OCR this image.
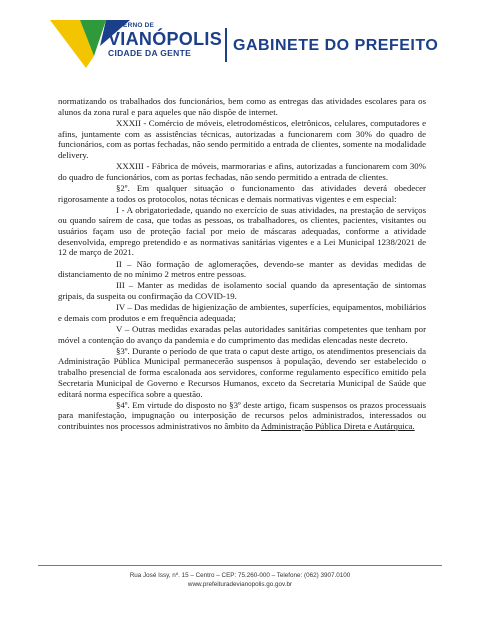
GOVERNO DE
VIANÓPOLIS
CIDADE DA GENTE	GABINETE DO PREFEITO

normatizando os trabalhados dos funcionários, bem como as entregas das atividades escolares para os alunos da zona rural e para aqueles que não dispõe de internet.

XXXII - Comércio de móveis, eletrodomésticos, eletrônicos, celulares, computadores e afins, juntamente com as assistências técnicas, autorizadas a funcionarem com 30% do quadro de funcionários, com as portas fechadas, não sendo permitido a entrada de clientes, somente na modalidade delivery.

XXXIII - Fábrica de móveis, marmorarias e afins, autorizadas a funcionarem com 30% do quadro de funcionários, com as portas fechadas, não sendo permitido a entrada de clientes.

§2º. Em qualquer situação o funcionamento das atividades deverá obedecer rigorosamente a todos os protocolos, notas técnicas e demais normativas vigentes e em especial:

I - A obrigatoriedade, quando no exercício de suas atividades, na prestação de serviços ou quando saírem de casa, que todas as pessoas, os trabalhadores, os clientes, pacientes, visitantes ou usuários façam uso de proteção facial por meio de máscaras adequadas, conforme a atividade desenvolvida, emprego pretendido e as normativas sanitárias vigentes e a Lei Municipal 1238/2021 de 12 de março de 2021.

II – Não formação de aglomerações, devendo-se manter as devidas medidas de distanciamento de no mínimo 2 metros entre pessoas.

III – Manter as medidas de isolamento social quando da apresentação de sintomas gripais, da suspeita ou confirmação da COVID-19.

IV – Das medidas de higienização de ambientes, superfícies, equipamentos, mobiliários e demais com produtos e em frequência adequada;

V – Outras medidas exaradas pelas autoridades sanitárias competentes que tenham por móvel a contenção do avanço da pandemia e do cumprimento das medidas elencadas neste decreto.

§3º. Durante o período de que trata o caput deste artigo, os atendimentos presenciais da Administração Pública Municipal permanecerão suspensos à população, devendo ser estabelecido o trabalho presencial de forma escalonada aos servidores, conforme regulamento específico emitido pela Secretaria Municipal de Governo e Recursos Humanos, exceto da Secretaria Municipal de Saúde que editará norma específica sobre a questão.

§4º. Em virtude do disposto no §3º deste artigo, ficam suspensos os prazos processuais para manifestação, impugnação ou interposição de recursos pelos administrados, interessados ou contribuintes nos processos administrativos no âmbito da Administração Pública Direta e Autárquica.

Rua José Issy, nº. 15 – Centro – CEP: 75.260-000 – Telefone: (062) 3907.0100
www.prefeituradevianopolis.go.gov.br
